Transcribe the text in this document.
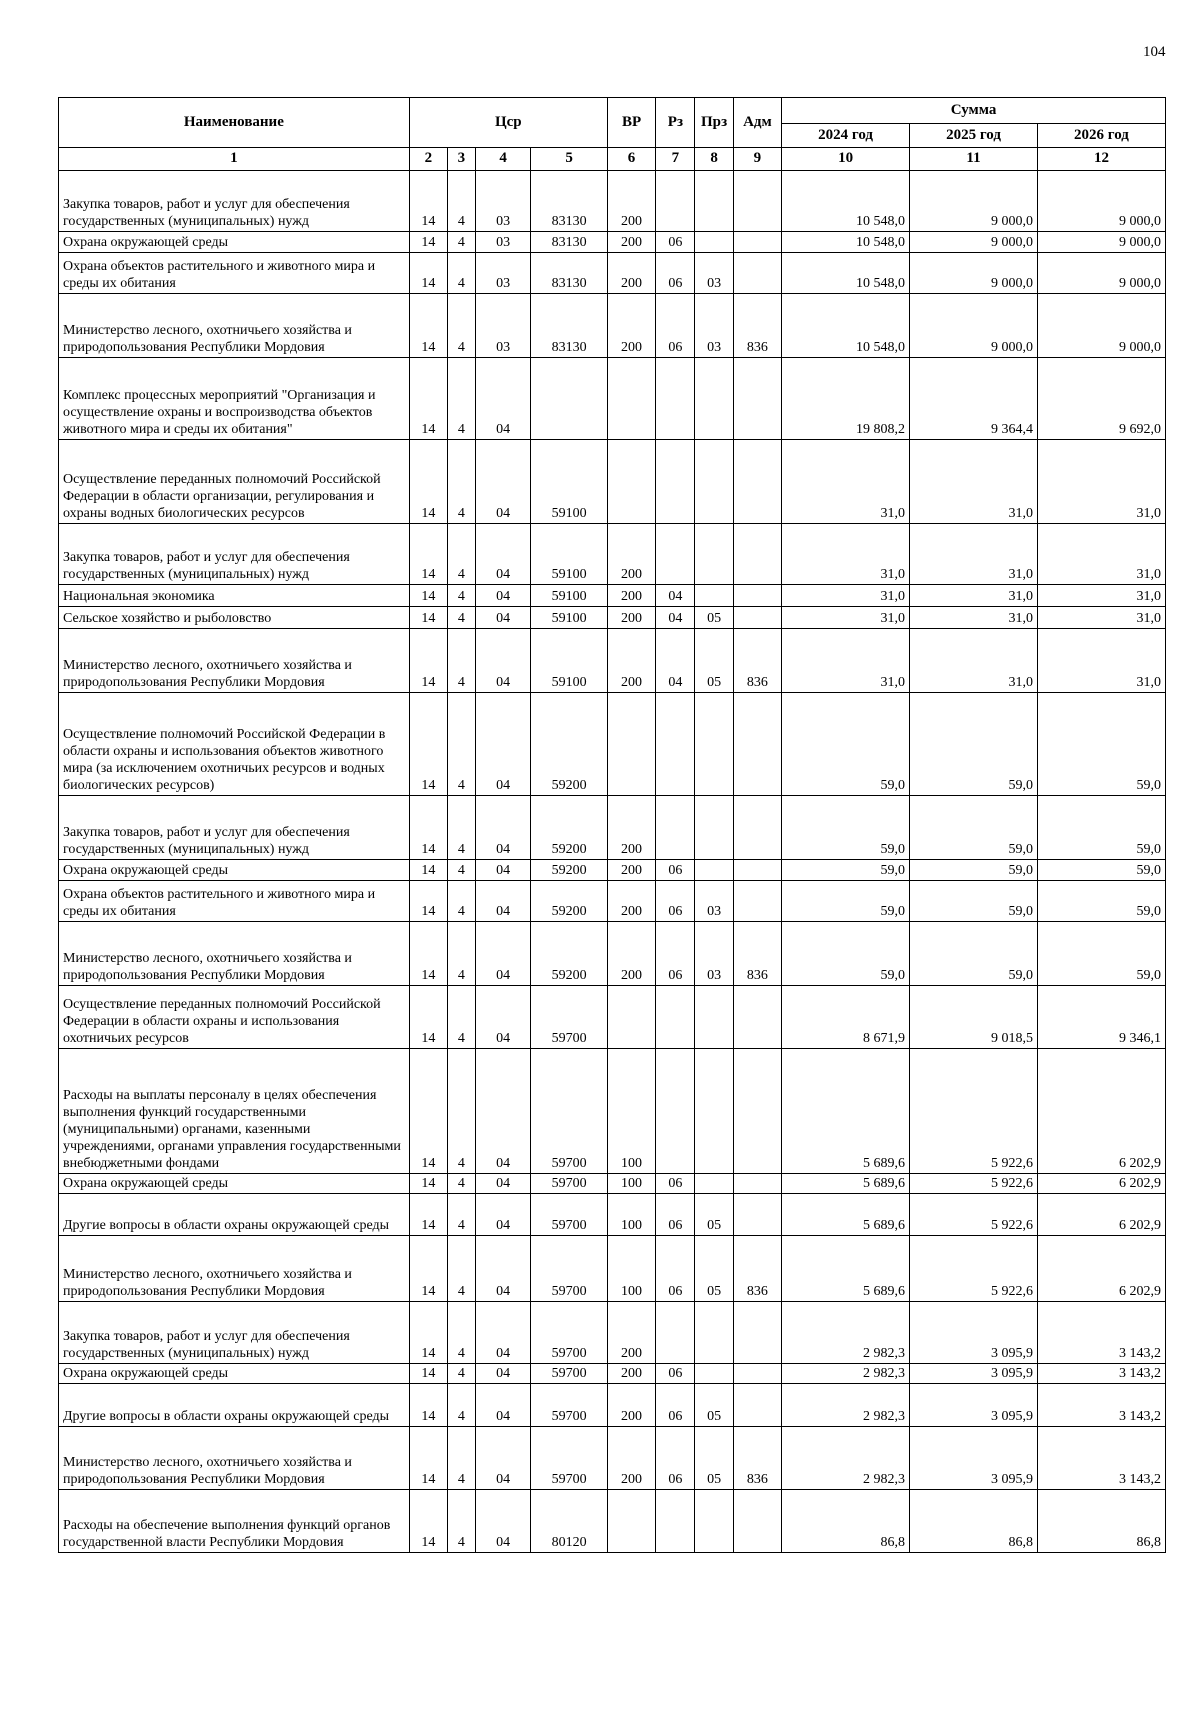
104
Наименование	Цср				ВР	Рз	Прз	Адм	Сумма		
									2024 год	2025 год	2026 год
1	2	3	4	5	6	7	8	9	10	11	12
Закупка товаров, работ и услуг для обеспечения государственных (муниципальных) нужд	14	4	03	83130	200				10 548,0	9 000,0	9 000,0
Охрана окружающей среды	14	4	03	83130	200	06			10 548,0	9 000,0	9 000,0
Охрана объектов растительного и животного мира и среды их обитания	14	4	03	83130	200	06	03		10 548,0	9 000,0	9 000,0
Министерство лесного, охотничьего хозяйства и природопользования Республики Мордовия	14	4	03	83130	200	06	03	836	10 548,0	9 000,0	9 000,0
Комплекс процессных мероприятий "Организация и осуществление охраны и воспроизводства объектов животного мира и среды их обитания"	14	4	04						19 808,2	9 364,4	9 692,0
Осуществление переданных полномочий Российской Федерации в области организации, регулирования и охраны водных биологических ресурсов	14	4	04	59100					31,0	31,0	31,0
Закупка товаров, работ и услуг для обеспечения государственных (муниципальных) нужд	14	4	04	59100	200				31,0	31,0	31,0
Национальная экономика	14	4	04	59100	200	04			31,0	31,0	31,0
Сельское хозяйство и рыболовство	14	4	04	59100	200	04	05		31,0	31,0	31,0
Министерство лесного, охотничьего хозяйства и природопользования Республики Мордовия	14	4	04	59100	200	04	05	836	31,0	31,0	31,0
Осуществление полномочий Российской Федерации в области охраны и использования объектов животного мира (за исключением охотничьих ресурсов и водных биологических ресурсов)	14	4	04	59200					59,0	59,0	59,0
Закупка товаров, работ и услуг для обеспечения государственных (муниципальных) нужд	14	4	04	59200	200				59,0	59,0	59,0
Охрана окружающей среды	14	4	04	59200	200	06			59,0	59,0	59,0
Охрана объектов растительного и животного мира и среды их обитания	14	4	04	59200	200	06	03		59,0	59,0	59,0
Министерство лесного, охотничьего хозяйства и природопользования Республики Мордовия	14	4	04	59200	200	06	03	836	59,0	59,0	59,0
Осуществление переданных полномочий Российской Федерации в области охраны и использования охотничьих ресурсов	14	4	04	59700					8 671,9	9 018,5	9 346,1
Расходы на выплаты персоналу в целях обеспечения выполнения функций государственными (муниципальными) органами, казенными учреждениями, органами управления государственными внебюджетными фондами	14	4	04	59700	100				5 689,6	5 922,6	6 202,9
Охрана окружающей среды	14	4	04	59700	100	06			5 689,6	5 922,6	6 202,9
Другие вопросы в области охраны окружающей среды	14	4	04	59700	100	06	05		5 689,6	5 922,6	6 202,9
Министерство лесного, охотничьего хозяйства и природопользования Республики Мордовия	14	4	04	59700	100	06	05	836	5 689,6	5 922,6	6 202,9
Закупка товаров, работ и услуг для обеспечения государственных (муниципальных) нужд	14	4	04	59700	200				2 982,3	3 095,9	3 143,2
Охрана окружающей среды	14	4	04	59700	200	06			2 982,3	3 095,9	3 143,2
Другие вопросы в области охраны окружающей среды	14	4	04	59700	200	06	05		2 982,3	3 095,9	3 143,2
Министерство лесного, охотничьего хозяйства и природопользования Республики Мордовия	14	4	04	59700	200	06	05	836	2 982,3	3 095,9	3 143,2
Расходы на обеспечение выполнения функций органов государственной власти Республики Мордовия	14	4	04	80120					86,8	86,8	86,8
